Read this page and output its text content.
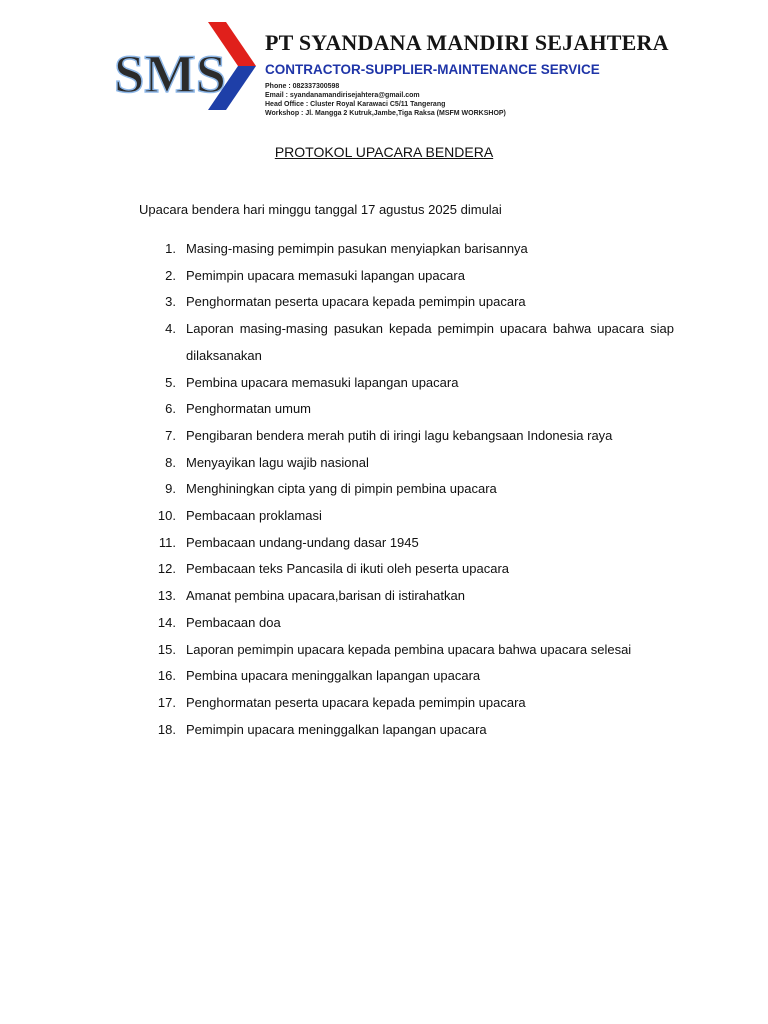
SMS
PT SYANDANA MANDIRI SEJAHTERA
CONTRACTOR-SUPPLIER-MAINTENANCE SERVICE
Phone : 082337300598
Email : syandanamandirisejahtera@gmail.com
Head Office : Cluster Royal Karawaci C5/11 Tangerang
Workshop : Jl. Mangga 2 Kutruk,Jambe,Tiga Raksa (MSFM WORKSHOP)
PROTOKOL UPACARA BENDERA
Upacara bendera hari minggu tanggal 17 agustus 2025 dimulai
1. Masing-masing pemimpin pasukan menyiapkan barisannya
2. Pemimpin upacara memasuki lapangan upacara
3. Penghormatan peserta upacara kepada pemimpin upacara
4. Laporan masing-masing pasukan kepada pemimpin upacara bahwa upacara siap dilaksanakan
5. Pembina upacara memasuki lapangan upacara
6. Penghormatan umum
7. Pengibaran bendera merah putih di iringi lagu kebangsaan Indonesia raya
8. Menyayikan lagu wajib nasional
9. Menghiningkan cipta yang di pimpin pembina upacara
10. Pembacaan proklamasi
11. Pembacaan undang-undang dasar 1945
12. Pembacaan teks Pancasila di ikuti oleh peserta upacara
13. Amanat pembina upacara,barisan di istirahatkan
14. Pembacaan doa
15. Laporan pemimpin upacara kepada pembina upacara bahwa upacara selesai
16. Pembina upacara meninggalkan lapangan upacara
17. Penghormatan peserta upacara kepada pemimpin upacara
18. Pemimpin upacara meninggalkan lapangan upacara
